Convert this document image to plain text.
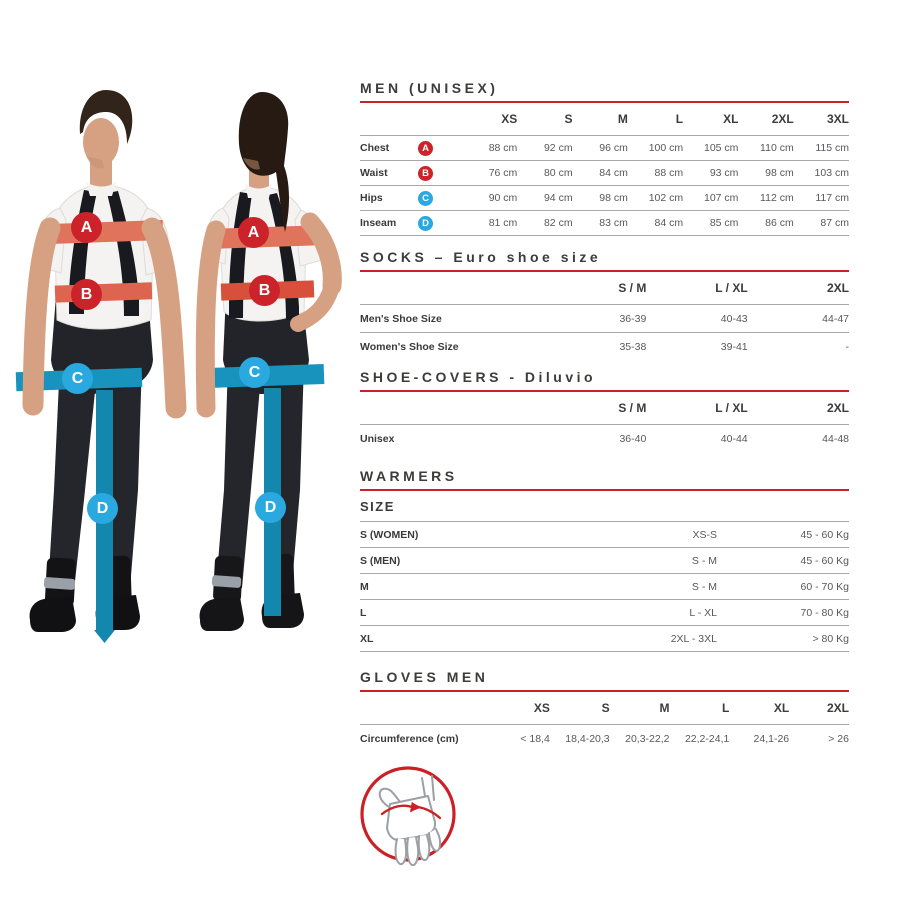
A
B
C
D
A
B
C
D
MEN (UNISEX)
XS	S	M	L	XL	2XL	3XL
Chest	A	88 cm	92 cm	96 cm	100 cm	105 cm	110 cm	115 cm
Waist	B	76 cm	80 cm	84 cm	88 cm	93 cm	98 cm	103 cm
Hips	C	90 cm	94 cm	98 cm	102 cm	107 cm	112 cm	117 cm
Inseam	D	81 cm	82 cm	83 cm	84 cm	85 cm	86 cm	87 cm
SOCKS – Euro shoe size
S / M	L / XL	2XL
Men's Shoe Size	36-39	40-43	44-47
Women's Shoe Size	35-38	39-41	-
SHOE-COVERS - Diluvio
S / M	L / XL	2XL
Unisex	36-40	40-44	44-48
WARMERS
SIZE
S (WOMEN)	XS-S	45 - 60 Kg
S (MEN)	S - M	45 - 60 Kg
M	S - M	60 - 70 Kg
L	L - XL	70 - 80 Kg
XL	2XL - 3XL	> 80 Kg
GLOVES MEN
XS	S	M	L	XL	2XL
Circumference (cm)	< 18,4	18,4-20,3	20,3-22,2	22,2-24,1	24,1-26	> 26
